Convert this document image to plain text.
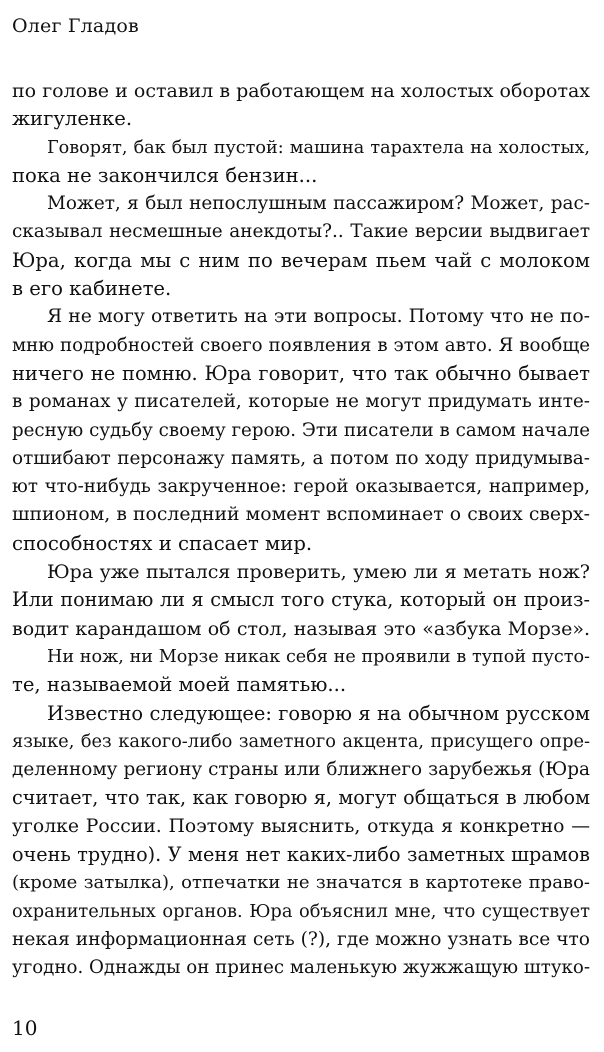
Олег Гладов
по голове и оставил в работающем на холостых оборотах
жигуленке.
Говорят, бак был пустой: машина тарахтела на холостых,
пока не закончился бензин...
Может, я был непослушным пассажиром? Может, рас-
сказывал несмешные анекдоты?.. Такие версии выдвигает
Юра, когда мы с ним по вечерам пьем чай с молоком
в его кабинете.
Я не могу ответить на эти вопросы. Потому что не по-
мню подробностей своего появления в этом авто. Я вообще
ничего не помню. Юра говорит, что так обычно бывает
в романах у писателей, которые не могут придумать инте-
ресную судьбу своему герою. Эти писатели в самом начале
отшибают персонажу память, а потом по ходу придумыва-
ют что-нибудь закрученное: герой оказывается, например,
шпионом, в последний момент вспоминает о своих сверх-
способностях и спасает мир.
Юра уже пытался проверить, умею ли я метать нож?
Или понимаю ли я смысл того стука, который он произ-
водит карандашом об стол, называя это «азбука Морзе».
Ни нож, ни Морзе никак себя не проявили в тупой пусто-
те, называемой моей памятью...
Известно следующее: говорю я на обычном русском
языке, без какого-либо заметного акцента, присущего опре-
деленному региону страны или ближнего зарубежья (Юра
считает, что так, как говорю я, могут общаться в любом
уголке России. Поэтому выяснить, откуда я конкретно —
очень трудно). У меня нет каких-либо заметных шрамов
(кроме затылка), отпечатки не значатся в картотеке право-
охранительных органов. Юра объяснил мне, что существует
некая информационная сеть (?), где можно узнать все что
угодно. Однажды он принес маленькую жужжащую штуко-
10
